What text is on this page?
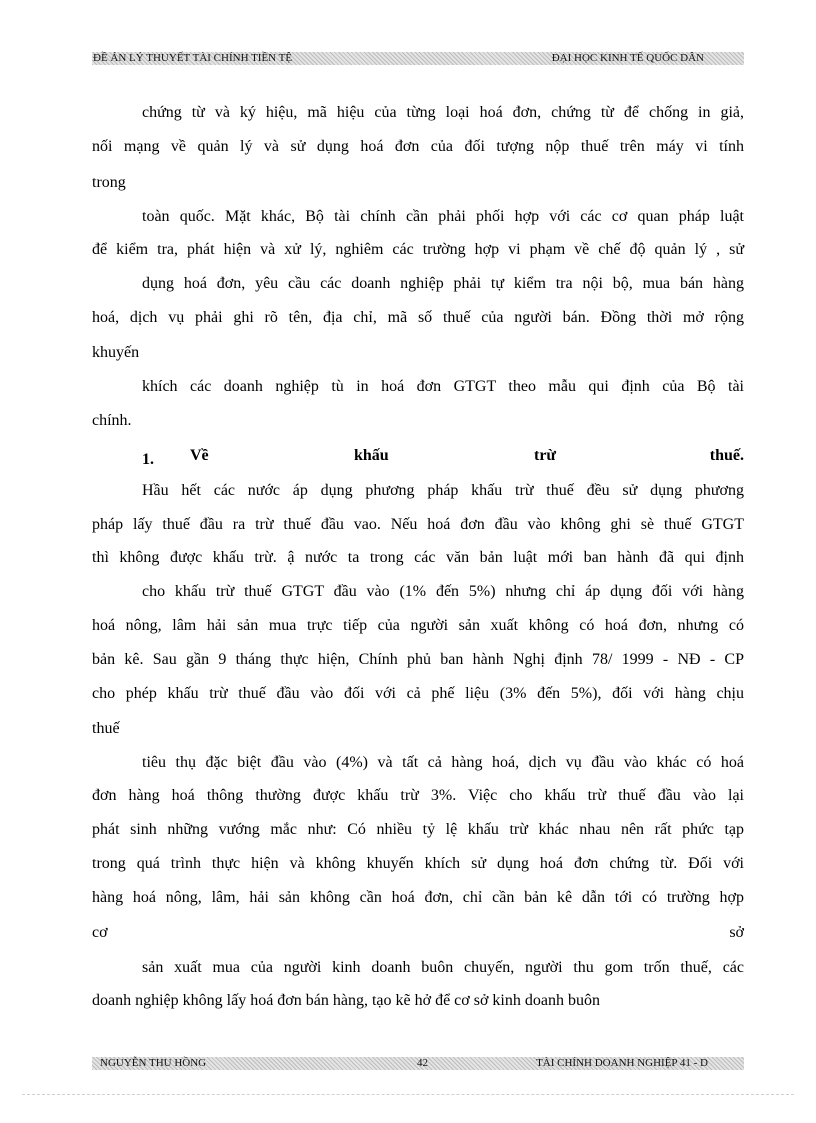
ĐỀ ÁN LÝ THUYẾT TÀI CHÍNH TIỀN TỆ	ĐẠI HỌC KINH TẾ QUỐC DÂN
chứng từ và ký hiệu, mã hiệu của từng loại hoá đơn, chứng từ để chống in giả,
nối mạng về quản lý và sử dụng hoá đơn của đối tượng nộp thuế trên máy vi tính
trong
toàn quốc. Mặt khác, Bộ tài chính cần phải phối hợp với các cơ quan pháp luật
để kiểm tra, phát hiện và xử lý, nghiêm các trường hợp vi phạm về chế độ quản lý , sử
dụng hoá đơn, yêu cầu các doanh nghiệp phải tự kiểm tra nội bộ, mua bán hàng
hoá, dịch vụ phải ghi rõ tên, địa chỉ, mã số thuế của người bán. Đồng thời mở rộng
khuyến
khích các doanh nghiệp tù in hoá đơn GTGT theo mẫu qui định của Bộ tài
chính.
1. Về	khấu	trừ	thuế.
Hầu hết các nước áp dụng phương pháp khấu trừ thuế đều sử dụng phương
pháp lấy thuế đầu ra trừ thuế đầu vao. Nếu hoá đơn đầu vào không ghi sè thuế GTGT
thì không được khấu trừ. ậ nước ta trong các văn bản luật mới ban hành đã qui định
cho khấu trừ thuế GTGT đầu vào (1% đến 5%) nhưng chỉ áp dụng đối với hàng
hoá nông, lâm hải sản mua trực tiếp của người sản xuất không có hoá đơn, nhưng có
bản kê. Sau gần 9 tháng thực hiện, Chính phủ ban hành Nghị định 78/ 1999 - NĐ - CP
cho phép khấu trừ thuế đầu vào đối với cả phế liệu (3% đến 5%), đối với hàng chịu
thuế
tiêu thụ đặc biệt đầu vào (4%) và tất cả hàng hoá, dịch vụ đầu vào khác có hoá
đơn hàng hoá thông thường được khấu trừ 3%. Việc cho khấu trừ thuế đầu vào lại
phát sinh những vướng mắc như: Có nhiều tỷ lệ khấu trừ khác nhau nên rất phức tạp
trong quá trình thực hiện và không khuyến khích sử dụng hoá đơn chứng từ. Đối với
hàng hoá nông, lâm, hải sản không cần hoá đơn, chỉ cần bản kê dẫn tới có trường hợp
cơ	sở
sản xuất mua của người kinh doanh buôn chuyến, người thu gom trốn thuế, các
doanh nghiệp không lấy hoá đơn bán hàng, tạo kẽ hở để cơ sở kinh doanh buôn
NGUYỄN THU HỒNG	42	TÀI CHÍNH DOANH NGHIỆP 41 - D
